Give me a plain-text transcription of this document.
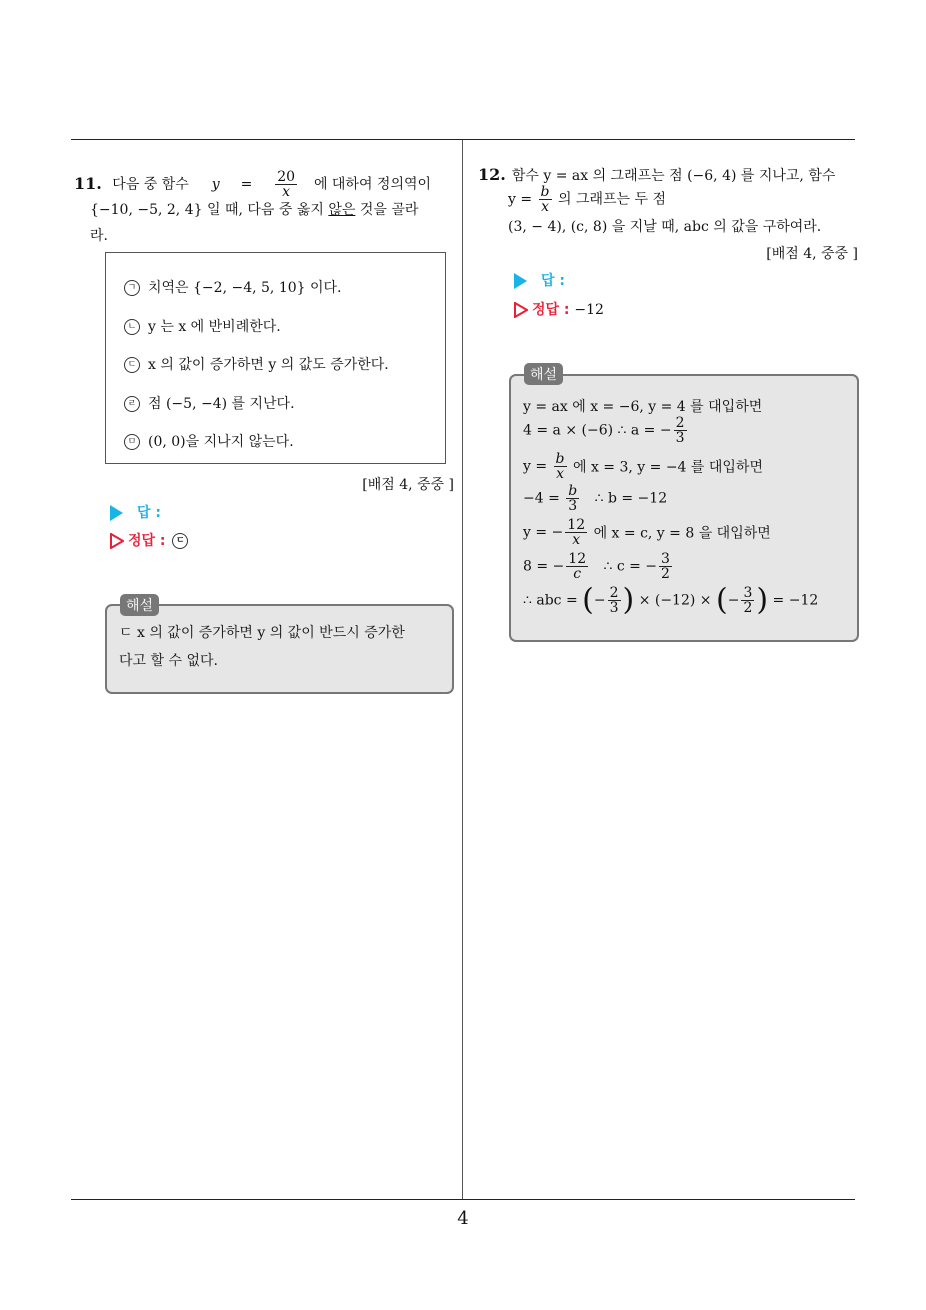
11. 다음 중 함수 $y = \frac{20}{x}$ 에 대하여 정의역이
{−10, −5, 2, 4} 일 때, 다음 중 옳지 않은 것을 골라
라.
ㄱ 치역은 {−2, −4, 5, 10} 이다.
ㄴ y 는 x 에 반비례한다.
ㄷ x 의 값이 증가하면 y 의 값도 증가한다.
ㄹ 점 (−5, −4) 를 지난다.
ㅁ (0, 0)을 지나지 않는다.
[배점 4, 중중 ]
답 :
정답 : ㄷ
ㄷ x 의 값이 증가하면 y 의 값이 반드시 증가한
다고 할 수 없다.
해설
12. 함수 y = ax 의 그래프는 점 (−6, 4) 를 지나고, 함수
$y = \frac{b}{x}$ 의 그래프는 두 점
(3, − 4), (c, 8) 을 지날 때, abc 의 값을 구하여라.
[배점 4, 중중 ]
답 :
정답 : −12
y = ax 에 x = −6, y = 4 를 대입하면
4 = a × (−6) ∴ a = − $\frac{2}{3}$
$y = \frac{b}{x}$ 에 x = 3, y = −4 를 대입하면
$-4 = \frac{b}{3}$ ∴ b = −12
y = − $\frac{12}{x}$ 에 x = c, y = 8 을 대입하면
8 = − $\frac{12}{c}$ ∴ c = − $\frac{3}{2}$
∴ abc = (− $\frac{2}{3}$ ) × (−12) × (− $\frac{3}{2}$ ) = −12
해설
4
